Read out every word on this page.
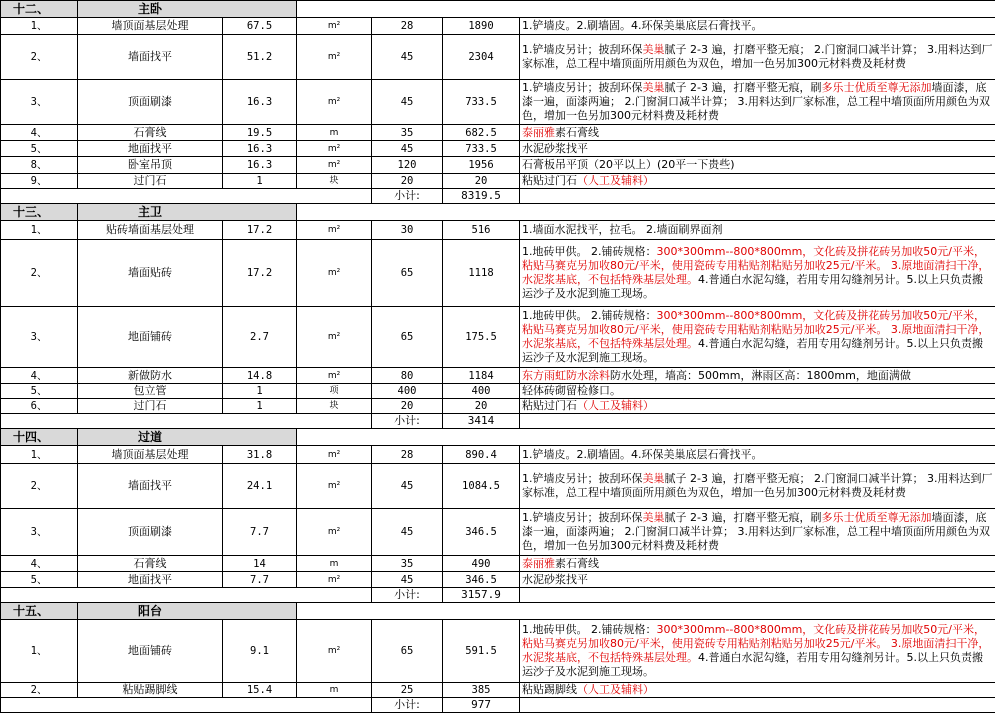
十二、	主卧						
1、	墙顶面基层处理	67.5	m²	28	1890	1.铲墙皮。2.刷墙固。4.环保美巢底层石膏找平。	
2、	墙面找平	51.2	m²	45	2304	1.铲墙皮另计；披刮环保美巢腻子 2-3 遍，打磨平整无痕； 2.门窗洞口减半计算； 3.用料达到厂家标准，总工程中墙顶面所用颜色为双色，增加一色另加300元材料费及耗材费	
3、	顶面刷漆	16.3	m²	45	733.5	1.铲墙皮另计；披刮环保美巢腻子 2-3 遍，打磨平整无痕，刷多乐士优质至尊无添加墙面漆，底漆一遍，面漆两遍； 2.门窗洞口减半计算； 3.用料达到厂家标准，总工程中墙顶面所用颜色为双色，增加一色另加300元材料费及耗材费	
4、	石膏线	19.5	m	35	682.5	泰丽雅素石膏线	
5、	地面找平	16.3	m²	45	733.5	水泥砂浆找平	
8、	卧室吊顶	16.3	m²	120	1956	石膏板吊平顶（20平以上）(20平一下贵些)	
9、	过门石	1	块	20	20	粘贴过门石（人工及辅料）	
				小计:	8319.5		
十三、	主卫						
1、	贴砖墙面基层处理	17.2	m²	30	516	1.墙面水泥找平，拉毛。 2.墙面刷界面剂	
2、	墙面贴砖	17.2	m²	65	1118	1.地砖甲供。 2.铺砖规格：300*300mm--800*800mm，文化砖及拼花砖另加收50元/平米，粘贴马赛克另加收80元/平米，使用瓷砖专用粘贴剂粘贴另加收25元/平米。 3.原地面清扫干净，水泥浆基底，不包括特殊基层处理。4.普通白水泥勾缝，若用专用勾缝剂另计。5.以上只负责搬运沙子及水泥到施工现场。	
3、	地面铺砖	2.7	m²	65	175.5	1.地砖甲供。 2.铺砖规格：300*300mm--800*800mm，文化砖及拼花砖另加收50元/平米，粘贴马赛克另加收80元/平米，使用瓷砖专用粘贴剂粘贴另加收25元/平米。 3.原地面清扫干净，水泥浆基底，不包括特殊基层处理。4.普通白水泥勾缝，若用专用勾缝剂另计。5.以上只负责搬运沙子及水泥到施工现场。	
4、	新做防水	14.8	m²	80	1184	东方雨虹防水涂料防水处理，墙高：500mm，淋雨区高：1800mm，地面满做	
5、	包立管	1	项	400	400	轻体砖砌留检修口。	
6、	过门石	1	块	20	20	粘贴过门石（人工及辅料）	
				小计:	3414		
十四、	过道						
1、	墙顶面基层处理	31.8	m²	28	890.4	1.铲墙皮。2.刷墙固。4.环保美巢底层石膏找平。	
2、	墙面找平	24.1	m²	45	1084.5	1.铲墙皮另计；披刮环保美巢腻子 2-3 遍，打磨平整无痕； 2.门窗洞口减半计算； 3.用料达到厂家标准，总工程中墙顶面所用颜色为双色，增加一色另加300元材料费及耗材费	
3、	顶面刷漆	7.7	m²	45	346.5	1.铲墙皮另计；披刮环保美巢腻子 2-3 遍，打磨平整无痕，刷多乐士优质至尊无添加墙面漆，底漆一遍，面漆两遍； 2.门窗洞口减半计算； 3.用料达到厂家标准，总工程中墙顶面所用颜色为双色，增加一色另加300元材料费及耗材费	
4、	石膏线	14	m	35	490	泰丽雅素石膏线	
5、	地面找平	7.7	m²	45	346.5	水泥砂浆找平	
				小计:	3157.9		
十五、	阳台						
1、	地面铺砖	9.1	m²	65	591.5	1.地砖甲供。 2.铺砖规格：300*300mm--800*800mm，文化砖及拼花砖另加收50元/平米，粘贴马赛克另加收80元/平米，使用瓷砖专用粘贴剂粘贴另加收25元/平米。 3.原地面清扫干净，水泥浆基底，不包括特殊基层处理。4.普通白水泥勾缝，若用专用勾缝剂另计。5.以上只负责搬运沙子及水泥到施工现场。	
2、	粘贴踢脚线	15.4	m	25	385	粘贴踢脚线（人工及辅料）	
				小计:	977		
